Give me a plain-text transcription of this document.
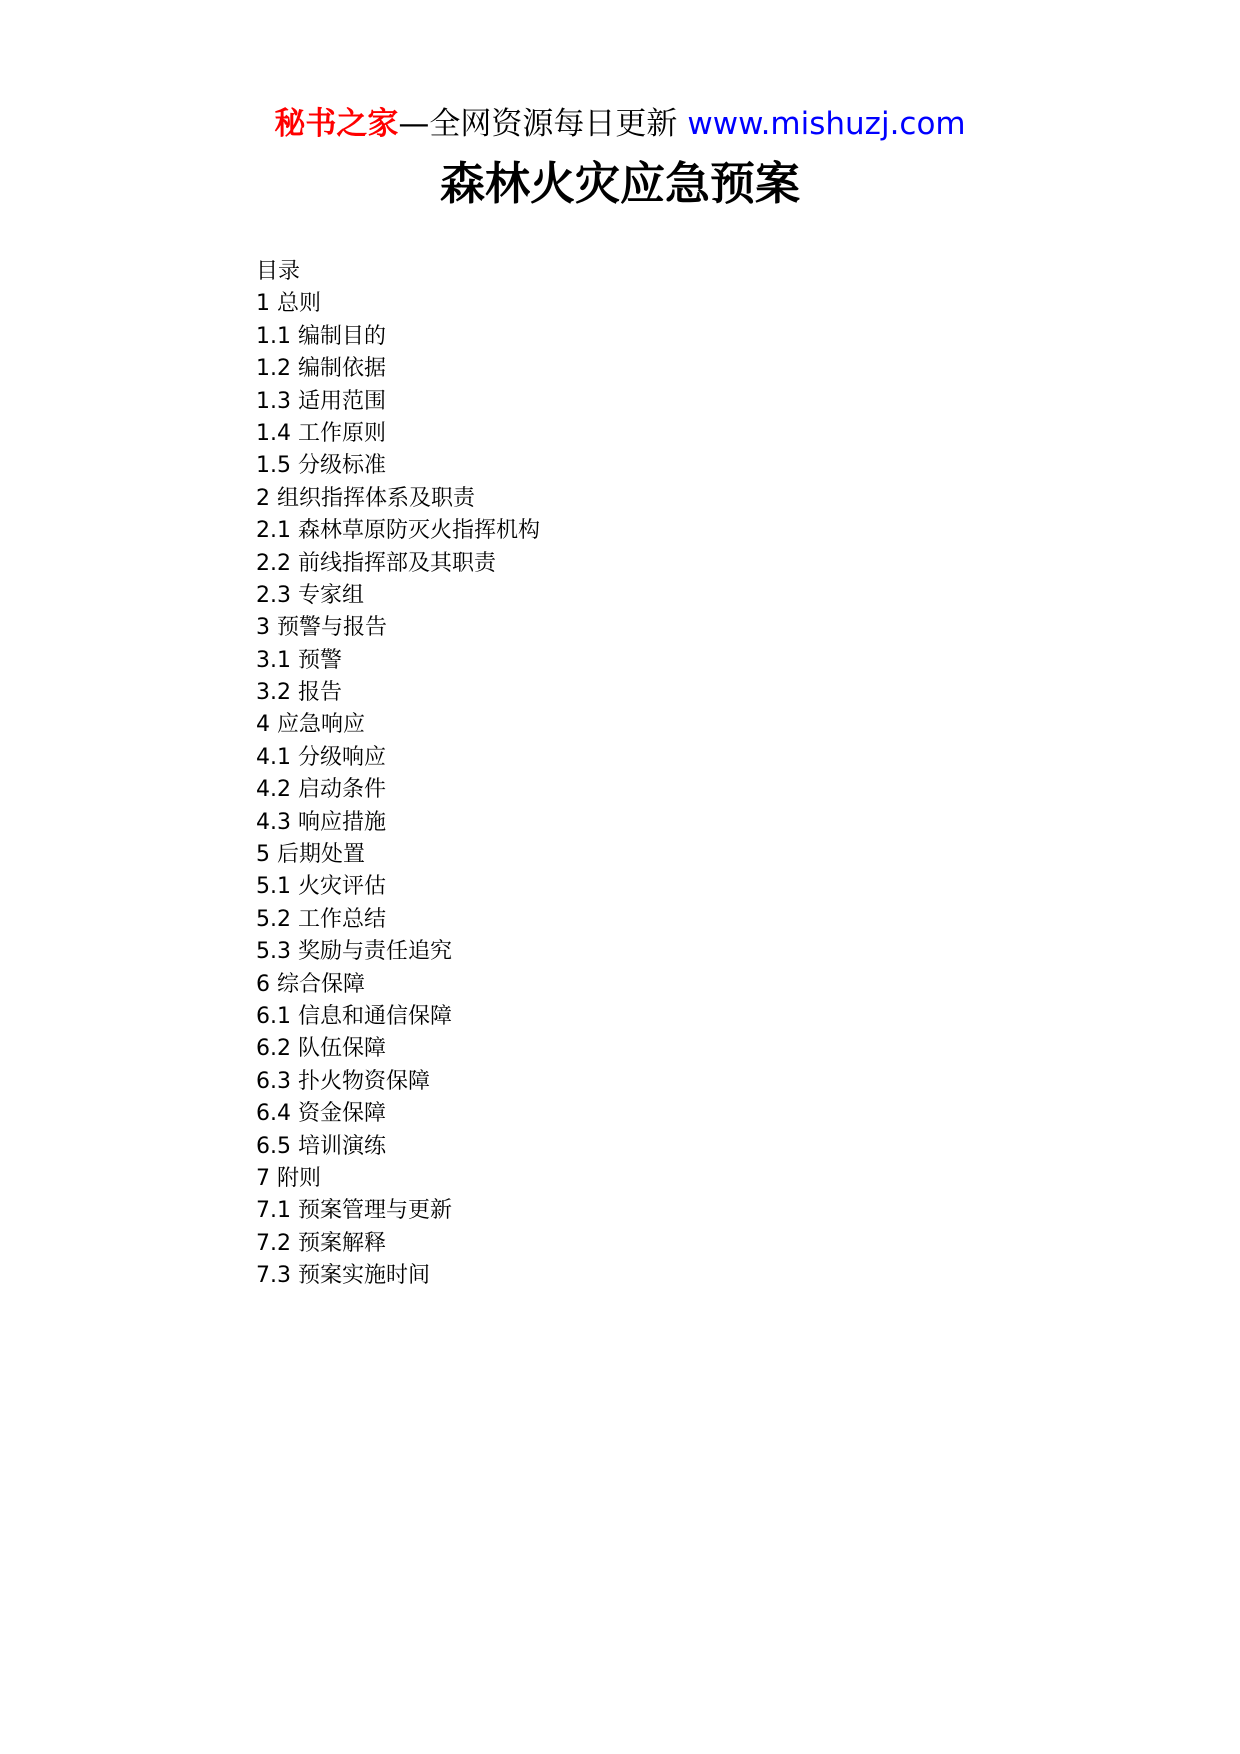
秘书之家—全网资源每日更新 www.mishuzj.com
森林火灾应急预案
目录
1 总则
1.1 编制目的
1.2 编制依据
1.3 适用范围
1.4 工作原则
1.5 分级标准
2 组织指挥体系及职责
2.1 森林草原防灭火指挥机构
2.2 前线指挥部及其职责
2.3 专家组
3 预警与报告
3.1 预警
3.2 报告
4 应急响应
4.1 分级响应
4.2 启动条件
4.3 响应措施
5 后期处置
5.1 火灾评估
5.2 工作总结
5.3 奖励与责任追究
6 综合保障
6.1 信息和通信保障
6.2 队伍保障
6.3 扑火物资保障
6.4 资金保障
6.5 培训演练
7 附则
7.1 预案管理与更新
7.2 预案解释
7.3 预案实施时间
